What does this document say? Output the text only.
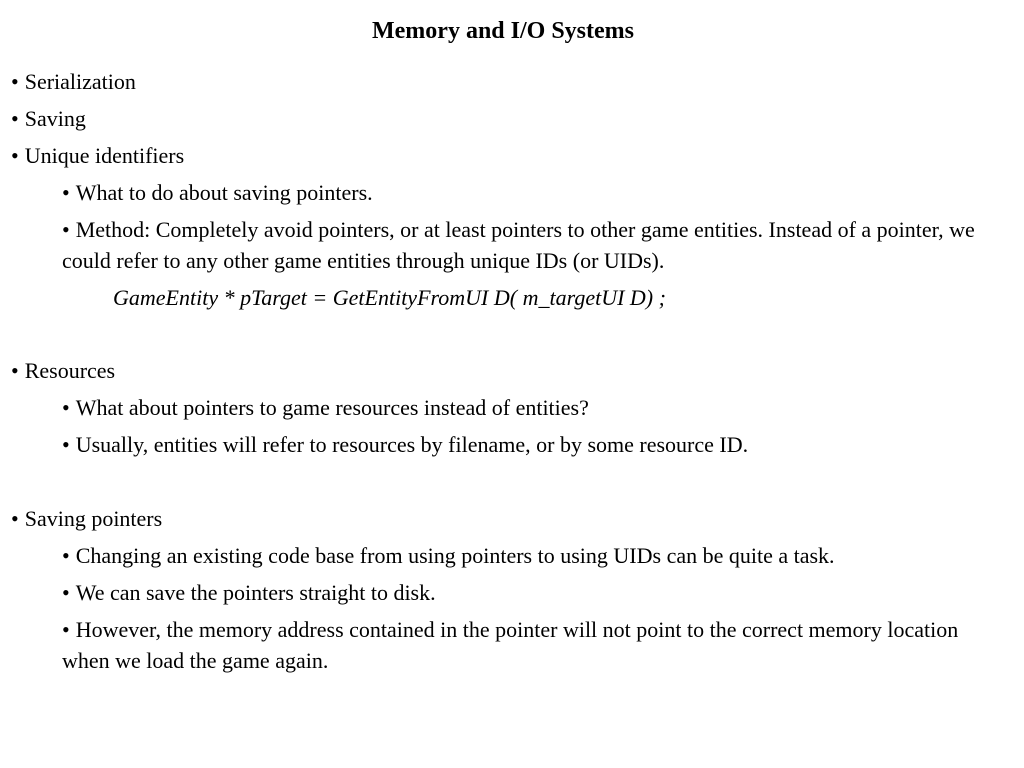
Memory and I/O Systems
• Serialization
• Saving
• Unique identifiers
• What to do about saving pointers.
• Method: Completely avoid pointers, or at least pointers to other game entities. Instead of a pointer, we could refer to any other game entities through unique IDs (or UIDs).
GameEntity * pTarget = GetEntityFromUI D( m_targetUI D) ;
• Resources
• What about pointers to game resources instead of entities?
• Usually, entities will refer to resources by filename, or by some resource ID.
• Saving pointers
• Changing an existing code base from using pointers to using UIDs can be quite a task.
• We can save the pointers straight to disk.
• However, the memory address contained in the pointer will not point to the correct memory location when we load the game again.
